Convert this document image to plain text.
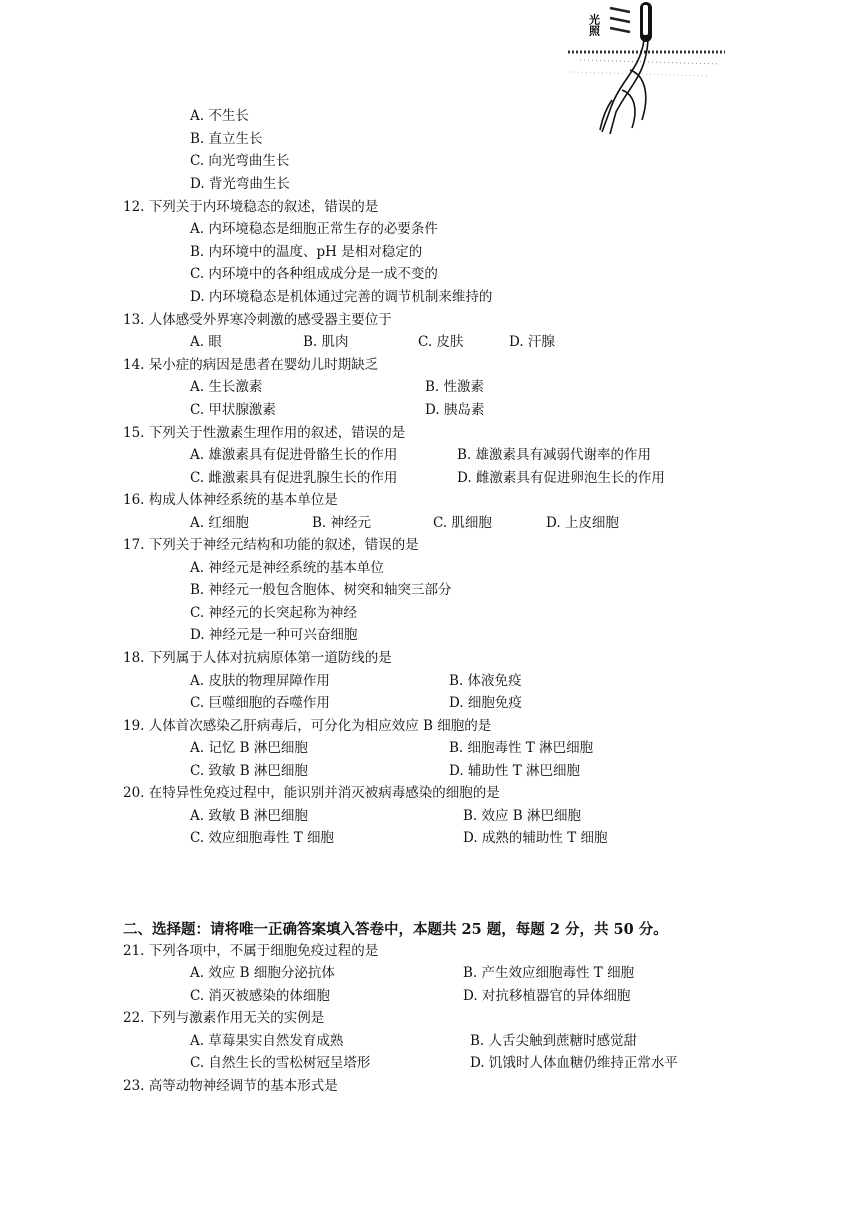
光照
A. 不生长
B. 直立生长
C. 向光弯曲生长
D. 背光弯曲生长
12. 下列关于内环境稳态的叙述，错误的是
A. 内环境稳态是细胞正常生存的必要条件
B. 内环境中的温度、pH 是相对稳定的
C. 内环境中的各种组成成分是一成不变的
D. 内环境稳态是机体通过完善的调节机制来维持的
13. 人体感受外界寒冷刺激的感受器主要位于
A. 眼	B. 肌肉	C. 皮肤	D. 汗腺
14. 呆小症的病因是患者在婴幼儿时期缺乏
A. 生长激素	B. 性激素
C. 甲状腺激素	D. 胰岛素
15. 下列关于性激素生理作用的叙述，错误的是
A. 雄激素具有促进骨骼生长的作用	B. 雄激素具有减弱代谢率的作用
C. 雌激素具有促进乳腺生长的作用	D. 雌激素具有促进卵泡生长的作用
16. 构成人体神经系统的基本单位是
A. 红细胞	B. 神经元	C. 肌细胞	D. 上皮细胞
17. 下列关于神经元结构和功能的叙述，错误的是
A. 神经元是神经系统的基本单位
B. 神经元一般包含胞体、树突和轴突三部分
C. 神经元的长突起称为神经
D. 神经元是一种可兴奋细胞
18. 下列属于人体对抗病原体第一道防线的是
A. 皮肤的物理屏障作用	B. 体液免疫
C. 巨噬细胞的吞噬作用	D. 细胞免疫
19. 人体首次感染乙肝病毒后，可分化为相应效应 B 细胞的是
A. 记忆 B 淋巴细胞	B. 细胞毒性 T 淋巴细胞
C. 致敏 B 淋巴细胞	D. 辅助性 T 淋巴细胞
20. 在特异性免疫过程中，能识别并消灭被病毒感染的细胞的是
A. 致敏 B 淋巴细胞	B. 效应 B 淋巴细胞
C. 效应细胞毒性 T 细胞	D. 成熟的辅助性 T 细胞
二、选择题：请将唯一正确答案填入答卷中，本题共 25 题，每题 2 分，共 50 分。
21. 下列各项中，不属于细胞免疫过程的是
A. 效应 B 细胞分泌抗体	B. 产生效应细胞毒性 T 细胞
C. 消灭被感染的体细胞	D. 对抗移植器官的异体细胞
22. 下列与激素作用无关的实例是
A. 草莓果实自然发育成熟	B. 人舌尖触到蔗糖时感觉甜
C. 自然生长的雪松树冠呈塔形	D. 饥饿时人体血糖仍维持正常水平
23. 高等动物神经调节的基本形式是
